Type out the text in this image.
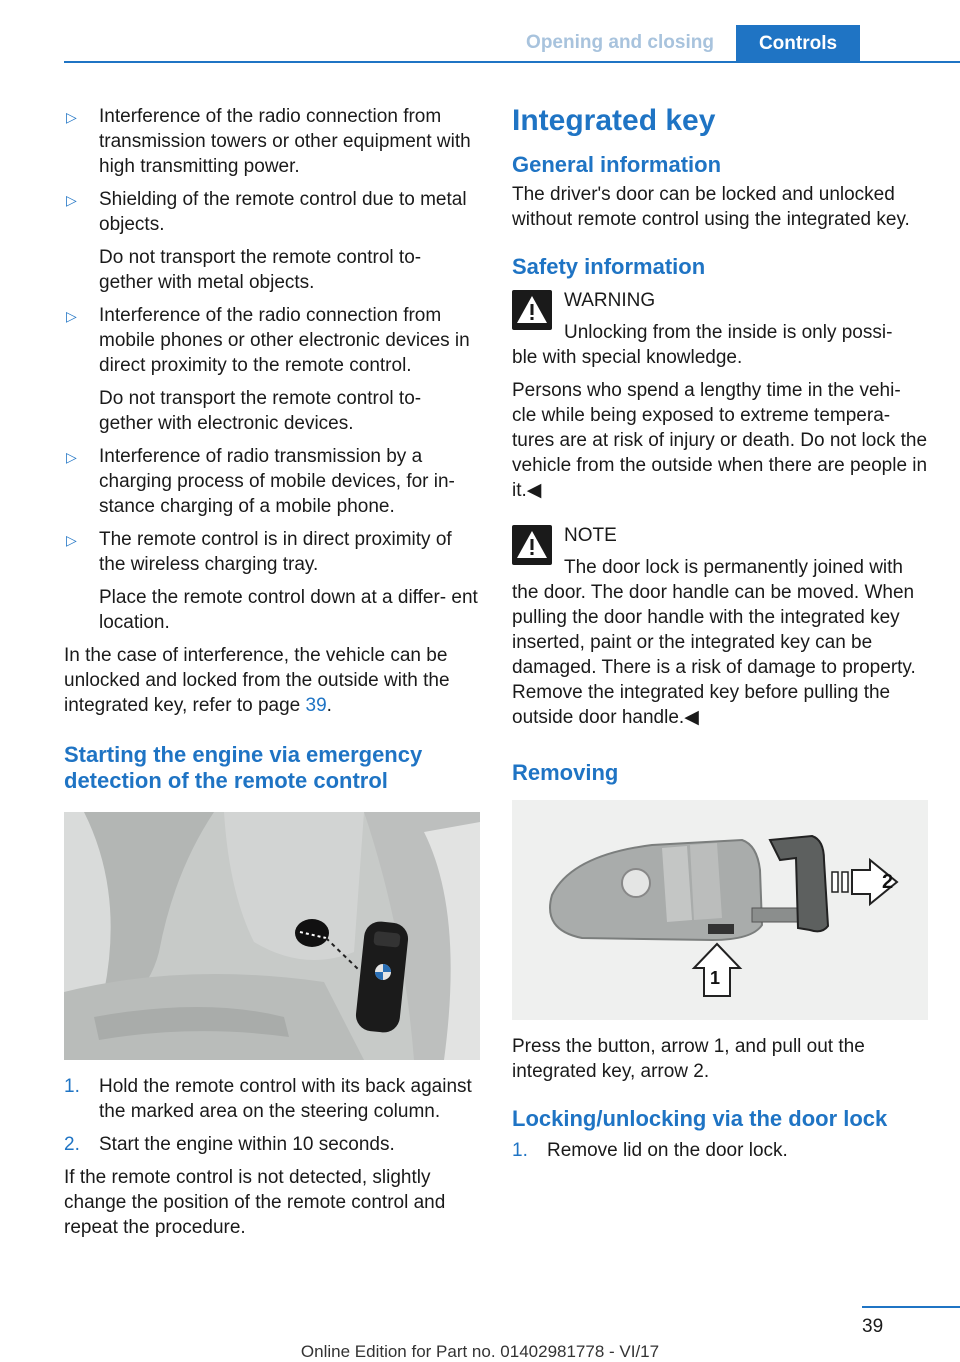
Opening and closing	Controls
▷ Interference of the radio connection from transmission towers or other equipment with high transmitting power.

▷ Shielding of the remote control due to metal objects.

Do not transport the remote control to- gether with metal objects.

▷ Interference of the radio connection from mobile phones or other electronic devices in direct proximity to the remote control.

Do not transport the remote control to- gether with electronic devices.

▷ Interference of radio transmission by a charging process of mobile devices, for in- stance charging of a mobile phone.

▷ The remote control is in direct proximity of the wireless charging tray.

Place the remote control down at a differ- ent location.

In the case of interference, the vehicle can be unlocked and locked from the outside with the integrated key, refer to page 39.

Starting the engine via emergency detection of the remote control
1. Hold the remote control with its back against the marked area on the steering column.
2. Start the engine within 10 seconds.

If the remote control is not detected, slightly change the position of the remote control and repeat the procedure.

Integrated key
General information

The driver's door can be locked and unlocked without remote control using the integrated key.

Safety information
WARNING
Unlocking from the inside is only possi-
ble with special knowledge.

Persons who spend a lengthy time in the vehi- cle while being exposed to extreme tempera- tures are at risk of injury or death. Do not lock the vehicle from the outside when there are people in it.◀

NOTE
The door lock is permanently joined with
the door. The door handle can be moved. When pulling the door handle with the integrated key inserted, paint or the integrated key can be damaged. There is a risk of damage to property. Remove the integrated key before pulling the outside door handle.◀
Removing
2
1

Press the button, arrow 1, and pull out the integrated key, arrow 2.

Locking/unlocking via the door lock
1. Remove lid on the door lock.
39
Online Edition for Part no. 01402981778 - VI/17
